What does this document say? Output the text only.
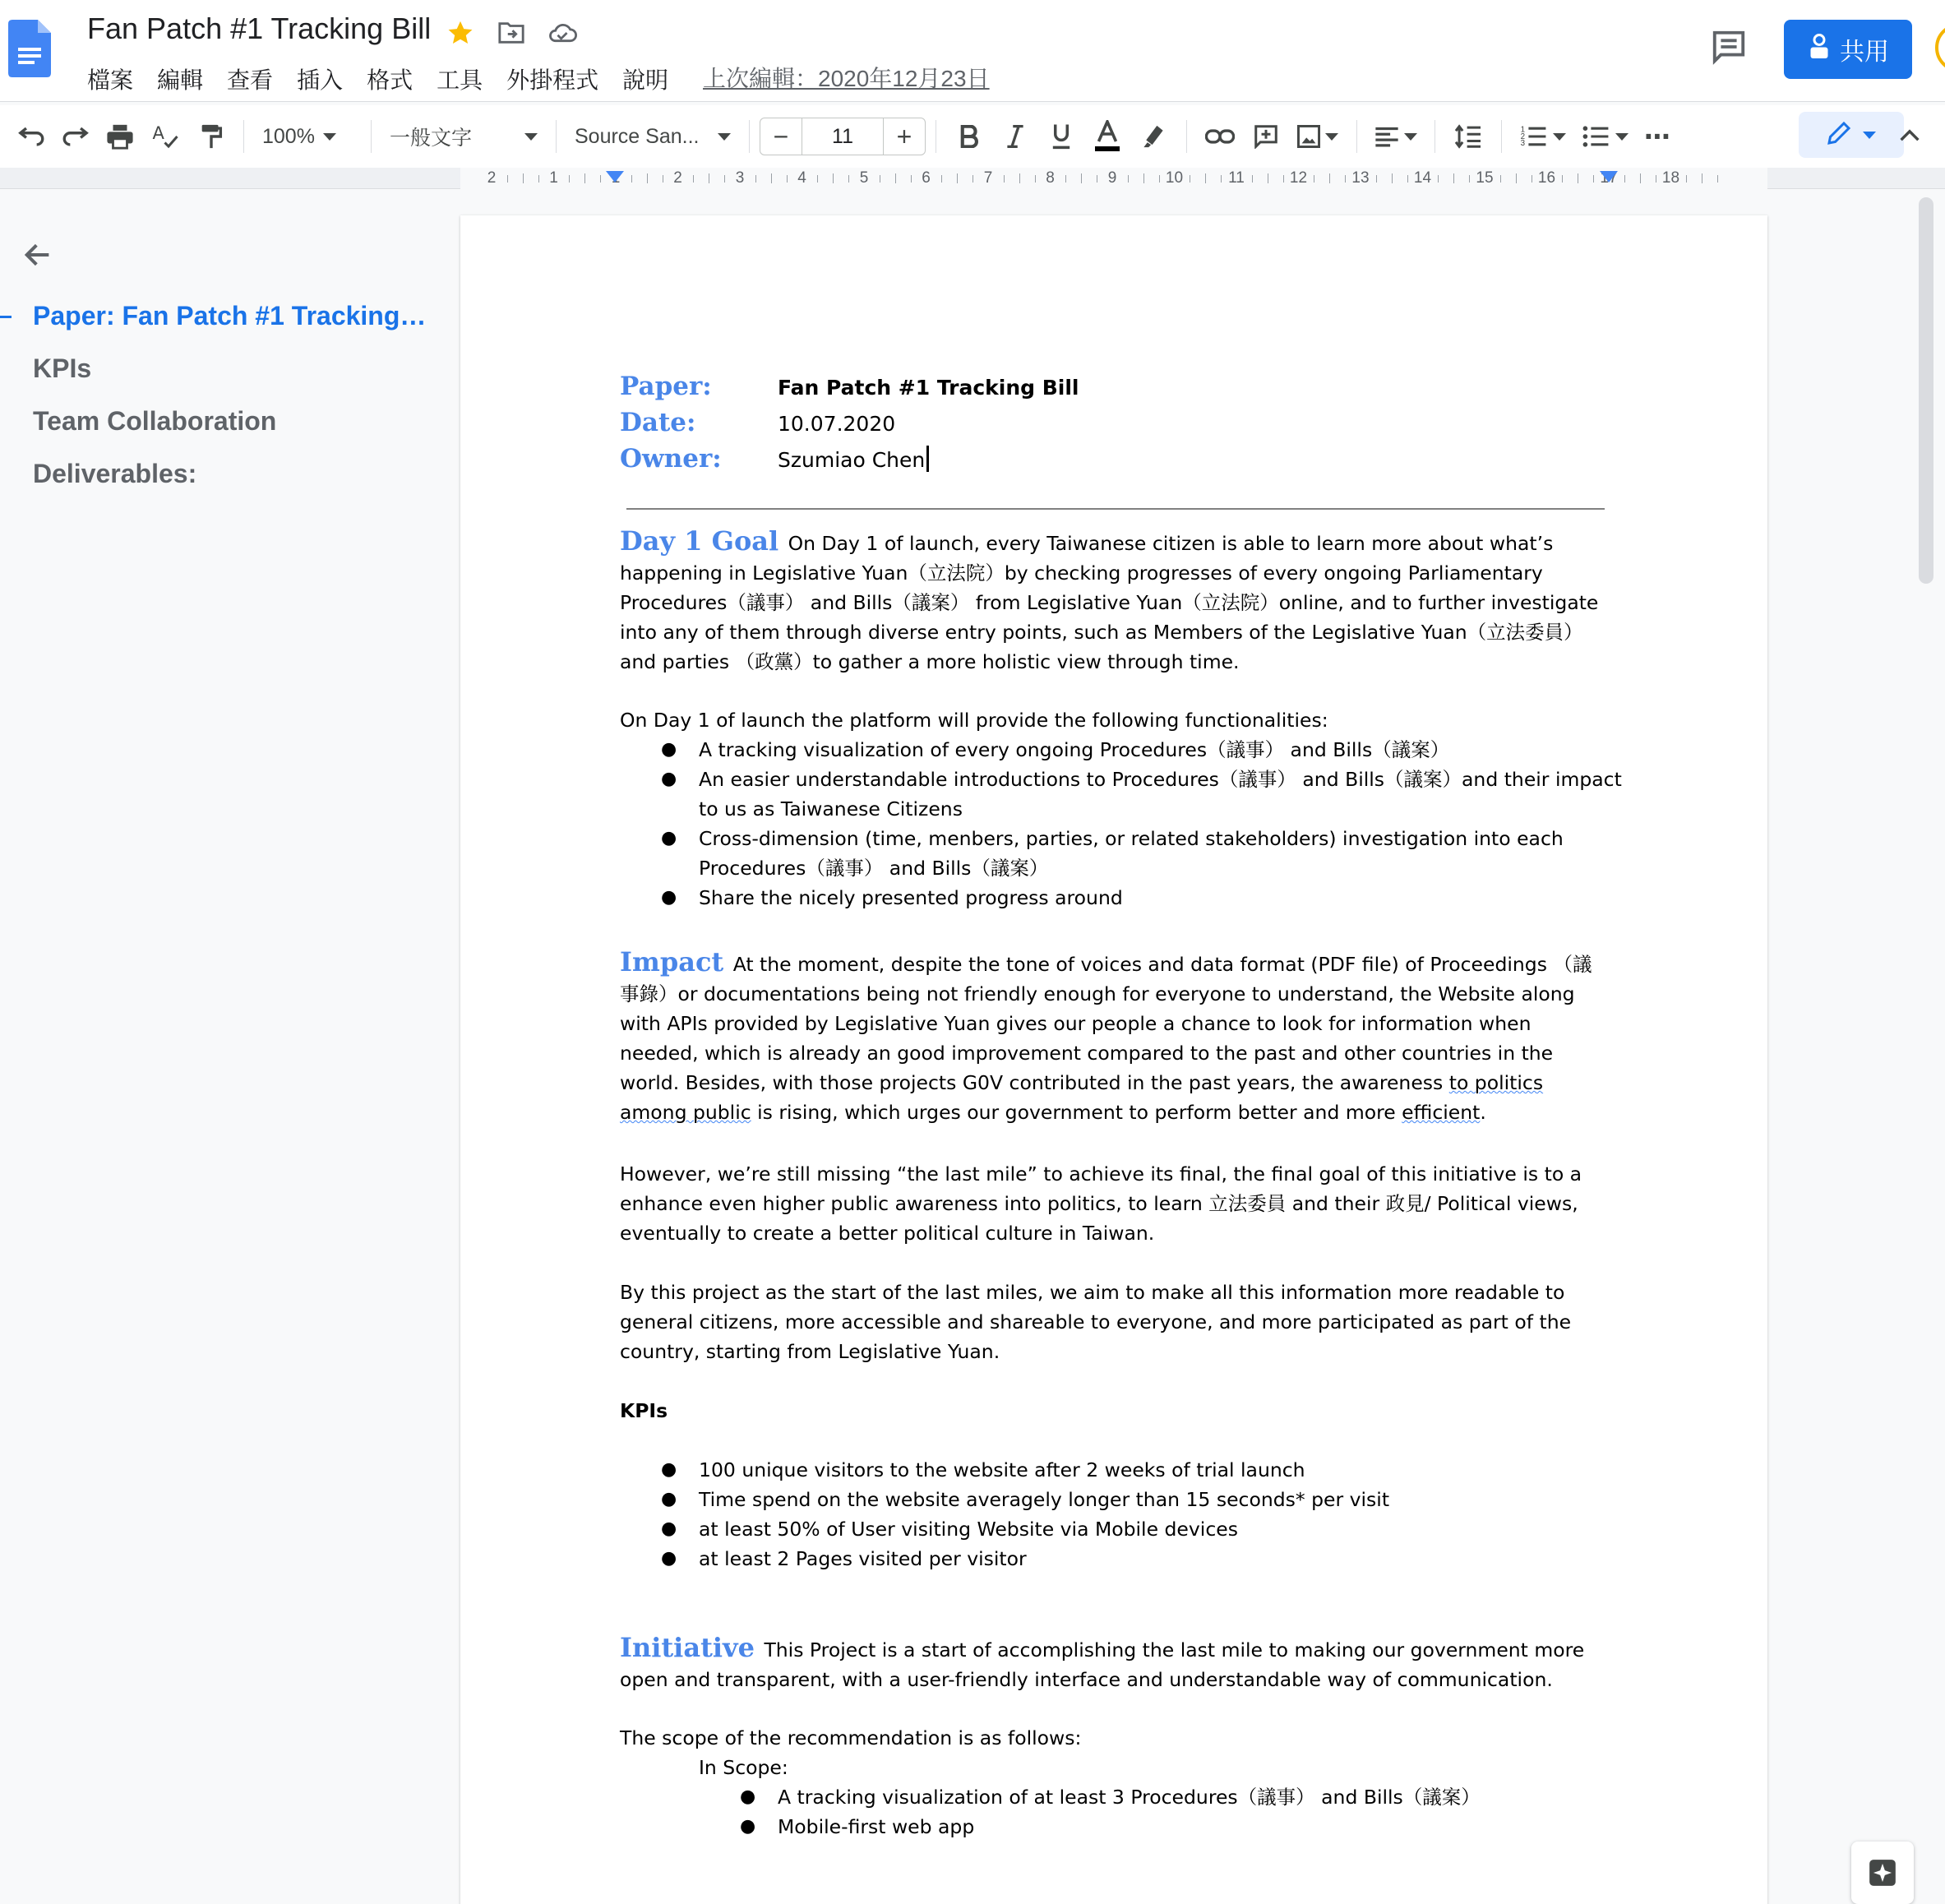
Fan Patch #1 Tracking Bill
檔案	編輯	查看	插入	格式	工具	外掛程式	說明	上次編輯：2020年12月23日
共用
A	100%	一般文字	Source San...	−	11	+	1
2
3	⋯
2	1	1	2	3	4	5	6	7	8	9	10	11	12	13	14	15	16	17	18
Paper: Fan Patch #1 Tracking…
KPIs
Team Collaboration
Deliverables:
Paper:	Fan Patch #1 Tracking Bill
Date:	10.07.2020
Owner:	Szumiao Chen
Day 1 Goal On Day 1 of launch, every Taiwanese citizen is able to learn more about what’s happening in Legislative Yuan（立法院）by checking progresses of every ongoing Parliamentary Procedures（議事） and Bills（議案） from Legislative Yuan（立法院）online, and to further investigate into any of them through diverse entry points, such as Members of the Legislative Yuan（立法委員）and parties （政黨）to gather a more holistic view through time.
On Day 1 of launch the platform will provide the following functionalities:
● A tracking visualization of every ongoing Procedures（議事） and Bills（議案）
● An easier understandable introductions to Procedures（議事） and Bills（議案）and their impact to us as Taiwanese Citizens
● Cross-dimension (time, menbers, parties, or related stakeholders) investigation into each Procedures（議事） and Bills（議案）
● Share the nicely presented progress around
Impact At the moment, despite the tone of voices and data format (PDF file) of Proceedings （議事錄）or documentations being not friendly enough for everyone to understand, the Website along with APIs provided by Legislative Yuan gives our people a chance to look for information when needed, which is already an good improvement compared to the past and other countries in the world. Besides, with those projects G0V contributed in the past years, the awareness to politics among public is rising, which urges our government to perform better and more efficient.
However, we’re still missing “the last mile” to achieve its final, the final goal of this initiative is to a enhance even higher public awareness into politics, to learn 立法委員 and their 政見/ Political views, eventually to create a better political culture in Taiwan.
By this project as the start of the last miles, we aim to make all this information more readable to general citizens, more accessible and shareable to everyone, and more participated as part of the country, starting from Legislative Yuan.
KPIs
● 100 unique visitors to the website after 2 weeks of trial launch
● Time spend on the website averagely longer than 15 seconds* per visit
● at least 50% of User visiting Website via Mobile devices
● at least 2 Pages visited per visitor
Initiative This Project is a start of accomplishing the last mile to making our government more open and transparent, with a user-friendly interface and understandable way of communication.
The scope of the recommendation is as follows:
In Scope:
● A tracking visualization of at least 3 Procedures（議事） and Bills（議案）
● Mobile-first web app
